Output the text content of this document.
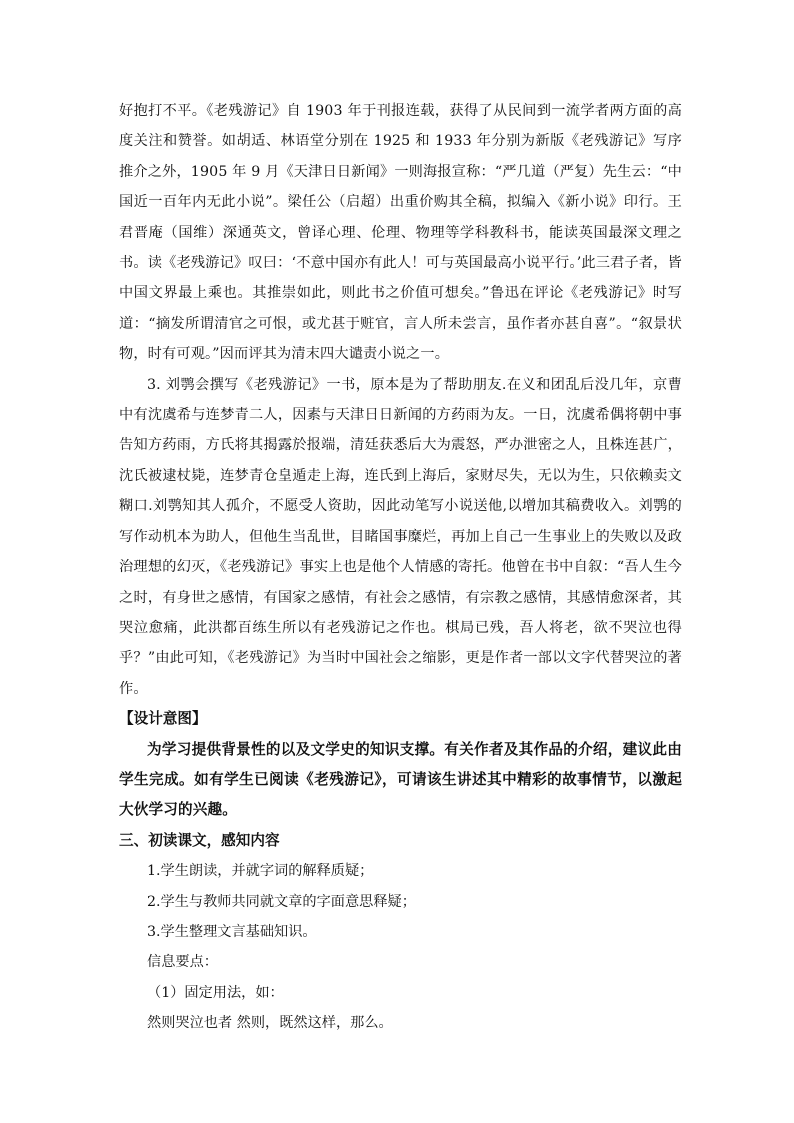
好抱打不平。《老残游记》自 1903 年于刊报连载，获得了从民间到一流学者两方面的高度关注和赞誉。如胡适、林语堂分别在 1925 和 1933 年分别为新版《老残游记》写序推介之外，1905 年 9 月《天津日日新闻》一则海报宣称：“严几道（严复）先生云：“中国近一百年内无此小说”。梁任公（启超）出重价购其全稿，拟编入《新小说》印行。王君晋庵（国维）深通英文，曾译心理、伦理、物理等学科教科书，能读英国最深文理之书。读《老残游记》叹曰：‘不意中国亦有此人！可与英国最高小说平行。’此三君子者，皆中国文界最上乘也。其推崇如此，则此书之价值可想矣。”鲁迅在评论《老残游记》时写道：“摘发所谓清官之可恨，或尤甚于赃官，言人所未尝言，虽作者亦甚自喜”。“叙景状物，时有可观。”因而评其为清末四大谴责小说之一。

3. 刘鹗会撰写《老残游记》一书，原本是为了帮助朋友.在义和团乱后没几年，京曹中有沈虞希与连梦青二人，因素与天津日日新闻的方药雨为友。一日，沈虞希偶将朝中事告知方药雨，方氏将其揭露於报端，清廷获悉后大为震怒，严办泄密之人，且株连甚广，沈氏被逮杖毙，连梦青仓皇遁走上海，连氏到上海后，家财尽失，无以为生，只依赖卖文糊口.刘鹗知其人孤介，不愿受人资助，因此动笔写小说送他,以增加其稿费收入。刘鹗的写作动机本为助人，但他生当乱世，目睹国事糜烂，再加上自己一生事业上的失败以及政治理想的幻灭，《老残游记》事实上也是他个人情感的寄托。他曾在书中自叙：“吾人生今之时，有身世之感情，有国家之感情，有社会之感情，有宗教之感情，其感情愈深者，其哭泣愈痛，此洪都百练生所以有老残游记之作也。棋局已残，吾人将老，欲不哭泣也得乎？”由此可知，《老残游记》为当时中国社会之缩影，更是作者一部以文字代替哭泣的著作。

【设计意图】

为学习提供背景性的以及文学史的知识支撑。有关作者及其作品的介绍，建议此由学生完成。如有学生已阅读《老残游记》，可请该生讲述其中精彩的故事情节，以激起大伙学习的兴趣。

三、初读课文，感知内容

1.学生朗读，并就字词的解释质疑；

2.学生与教师共同就文章的字面意思释疑；

3.学生整理文言基础知识。

信息要点：

（1）固定用法，如：

然则哭泣也者 然则，既然这样，那么。
